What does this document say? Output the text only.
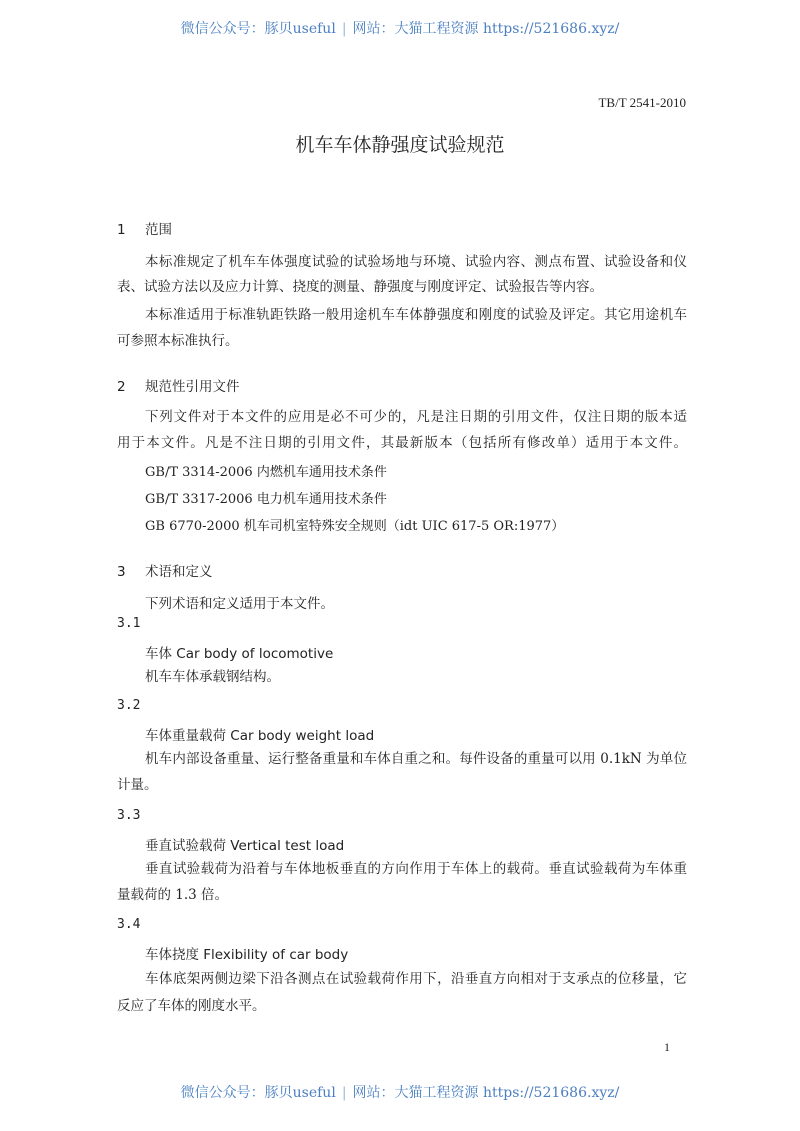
微信公众号：豚贝useful | 网站：大猫工程资源 https://521686.xyz/
TB/T 2541-2010
机车车体静强度试验规范
1 范围
本标准规定了机车车体强度试验的试验场地与环境、试验内容、测点布置、试验设备和仪
表、试验方法以及应力计算、挠度的测量、静强度与刚度评定、试验报告等内容。
本标准适用于标准轨距铁路一般用途机车车体静强度和刚度的试验及评定。其它用途机车
可参照本标准执行。
2 规范性引用文件
下列文件对于本文件的应用是必不可少的，凡是注日期的引用文件，仅注日期的版本适
用于本文件。凡是不注日期的引用文件，其最新版本（包括所有修改单）适用于本文件。
GB/T 3314-2006 内燃机车通用技术条件
GB/T 3317-2006 电力机车通用技术条件
GB 6770-2000 机车司机室特殊安全规则（idt UIC 617-5 OR:1977）
3 术语和定义
下列术语和定义适用于本文件。
3.1
车体 Car body of locomotive
机车车体承载钢结构。
3.2
车体重量载荷 Car body weight load
机车内部设备重量、运行整备重量和车体自重之和。每件设备的重量可以用 0.1kN 为单位
计量。
3.3
垂直试验载荷 Vertical test load
垂直试验载荷为沿着与车体地板垂直的方向作用于车体上的载荷。垂直试验载荷为车体重
量载荷的 1.3 倍。
3.4
车体挠度 Flexibility of car body
车体底架两侧边梁下沿各测点在试验载荷作用下，沿垂直方向相对于支承点的位移量，它
反应了车体的刚度水平。
1
微信公众号：豚贝useful | 网站：大猫工程资源 https://521686.xyz/
